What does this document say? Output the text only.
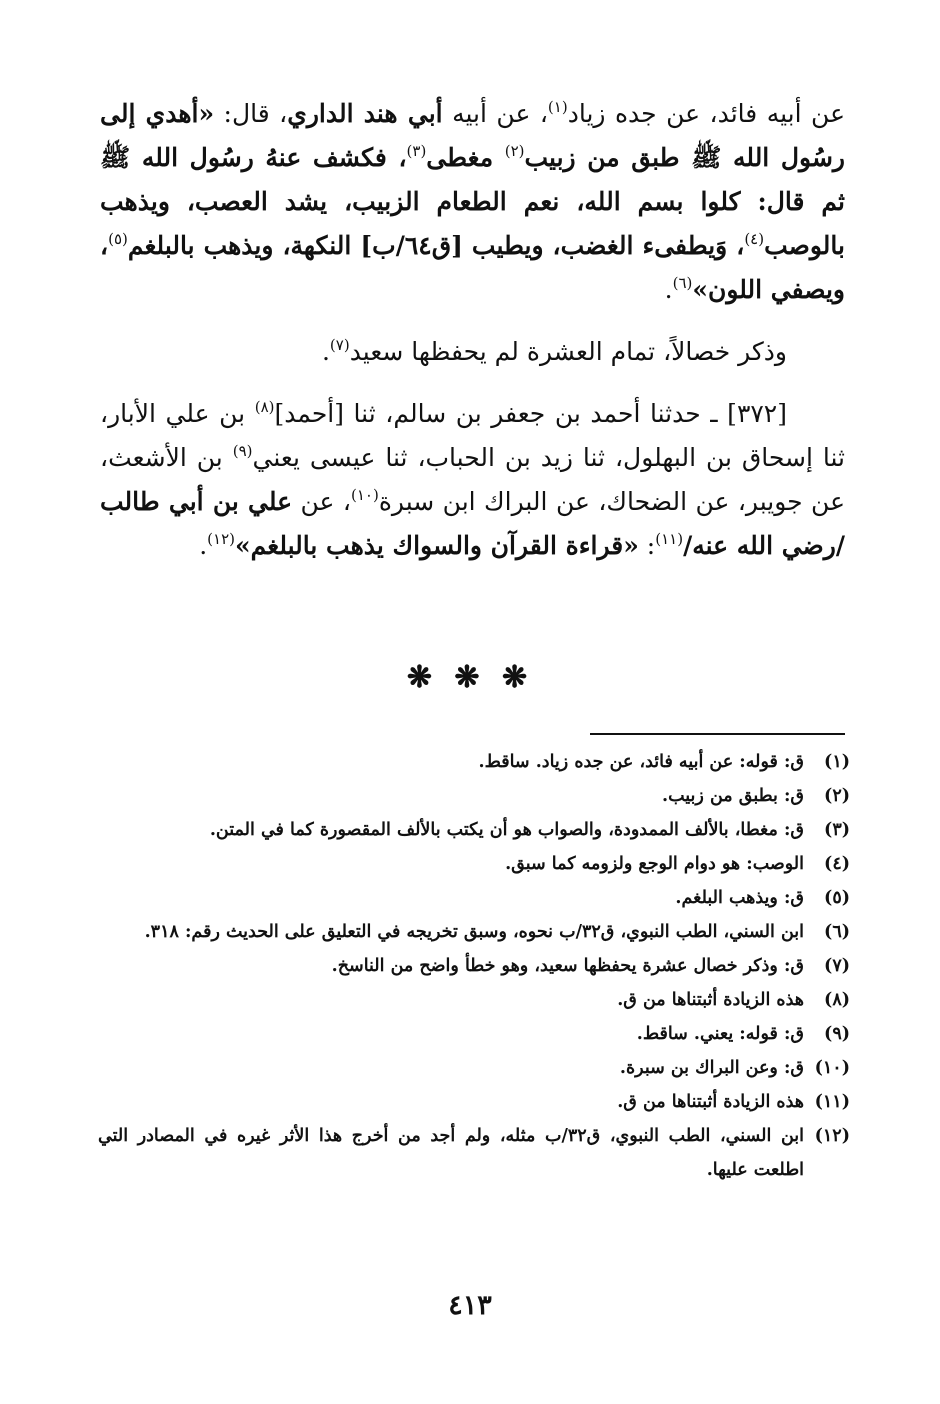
عن أبيه فائد، عن جده زياد$^{(١)}$، عن أبيه أبي هند الداري، قال: «أهدي إلى رسُول الله ﷺ طبق من زبيب$^{(٢)}$ مغطى$^{(٣)}$، فكشف عنهُ رسُول الله ﷺ ثم قال: كلوا بسم الله، نعم الطعام الزبيب، يشد العصب، ويذهب بالوصب$^{(٤)}$، وَيطفىء الغضب، ويطيب [ق٦٤/ب] النكهة، ويذهب بالبلغم$^{(٥)}$، ويصفي اللون»$^{(٦)}$.

وذكر خصالاً، تمام العشرة لم يحفظها سعيد$^{(٧)}$.

[٣٧٢] ـ حدثنا أحمد بن جعفر بن سالم، ثنا [أحمد]$^{(٨)}$ بن علي الأبار، ثنا إسحاق بن البهلول، ثنا زيد بن الحباب، ثنا عيسى يعني$^{(٩)}$ بن الأشعث، عن جويبر، عن الضحاك، عن البراك ابن سبرة$^{(١٠)}$، عن علي بن أبي طالب /رضي الله عنه/$^{(١١)}$: «قراءة القرآن والسواك يذهب بالبلغم»$^{(١٢)}$.

❋ ❋ ❋
(١)
ق: قوله: عن أبيه فائد، عن جده زياد. ساقط.
(٢)
ق: بطبق من زبيب.
(٣)
ق: مغطا، بالألف الممدودة، والصواب هو أن يكتب بالألف المقصورة كما في المتن.
(٤)
الوصب: هو دوام الوجع ولزومه كما سبق.
(٥)
ق: ويذهب البلغم.
(٦)
ابن السني، الطب النبوي، ق٣٢/ب نحوه، وسبق تخريجه في التعليق على الحديث رقم: ٣١٨.
(٧)
ق: وذكر خصال عشرة يحفظها سعيد، وهو خطأ واضح من الناسخ.
(٨)
هذه الزيادة أثبتناها من ق.
(٩)
ق: قوله: يعني. ساقط.
(١٠)
ق: وعن البراك بن سبرة.
(١١)
هذه الزيادة أثبتناها من ق.
(١٢)
ابن السني، الطب النبوي، ق٣٢/ب مثله، ولم أجد من أخرج هذا الأثر غيره في المصادر التي اطلعت عليها.
٤١٣
